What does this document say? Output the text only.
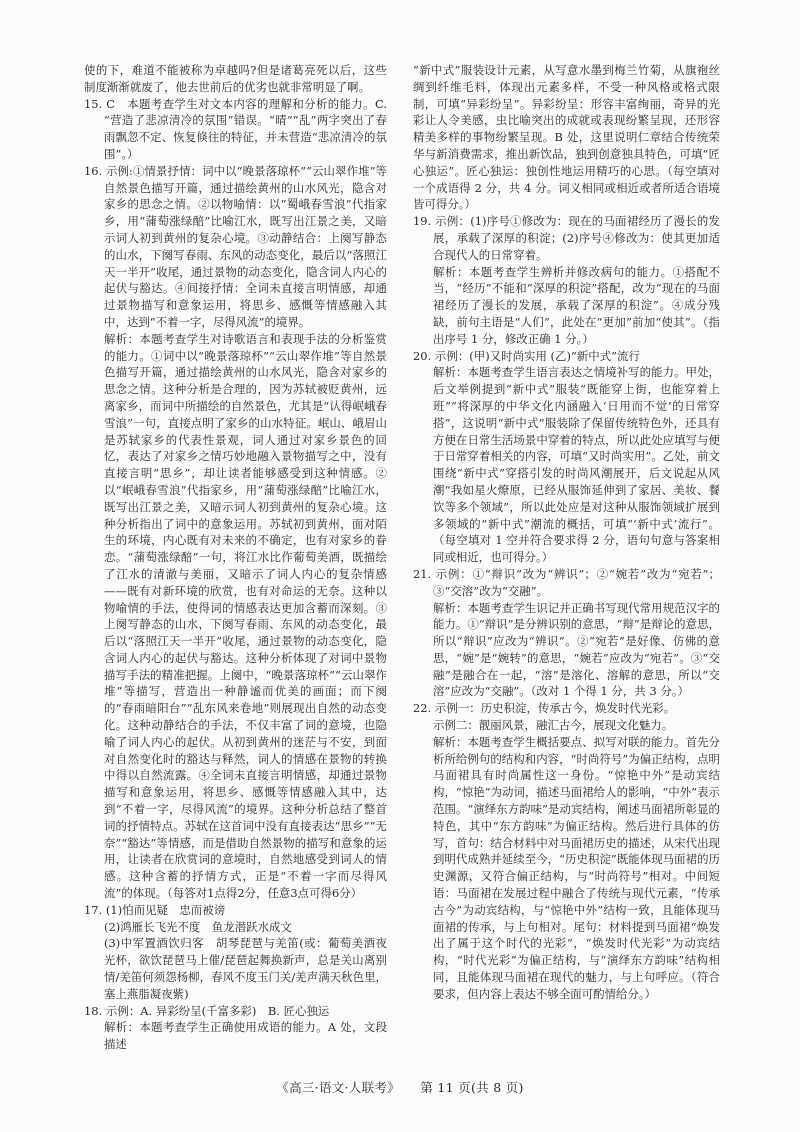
使的下，难道不能被称为卓越吗?但是诸葛亮死以后，这些制度渐渐就废了，他去世前后的优劣也就非常明显了啊。

15. C　本题考查学生对文本内容的理解和分析的能力。C. “营造了悲凉清冷的氛围”错误。“晴”“乱”两字突出了春雨飘忽不定、恢复倏往的特征，并未营造“悲凉清冷的氛围”。）

16. 示例:①情景抒情：词中以“晚景落琼杯”“云山翠作堆”等自然景色描写开篇，通过描绘黄州的山水风光，隐含对家乡的思念之情。②以物喻情：以“蜀峨春雪浪”代指家乡，用“蒲萄涨绿醅”比喻江水，既写出江景之美，又暗示词人初到黄州的复杂心境。③动静结合：上阕写静态的山水，下阕写春雨、东风的动态变化，最后以“落照江天一半开”收尾，通过景物的动态变化，隐含词人内心的起伏与豁达。④间接抒情：全词未直接言明情感，却通过景物描写和意象运用，将思乡、感慨等情感融入其中，达到“不着一字，尽得风流”的境界。

解析：本题考查学生对诗歌语言和表现手法的分析鉴赏的能力。①词中以“晚景落琼杯”“云山翠作堆”等自然景色描写开篇，通过描绘黄州的山水风光，隐含对家乡的思念之情。这种分析是合理的，因为苏轼被贬黄州，远离家乡，而词中所描绘的自然景色，尤其是“认得岷峨春雪浪”一句，直接点明了家乡的山水特征。岷山、峨眉山是苏轼家乡的代表性景观，词人通过对家乡景色的回忆，表达了对家乡之情巧妙地融入景物描写之中，没有直接言明“思乡”，却让读者能够感受到这种情感。②以“岷峨春雪浪”代指家乡，用“蒲萄涨绿醅”比喻江水，既写出江景之美，又暗示词人初到黄州的复杂心境。这种分析指出了词中的意象运用。苏轼初到黄州，面对陌生的环境，内心既有对未来的不确定，也有对家乡的眷恋。“蒲萄涨绿醅”一句，将江水比作葡萄美酒，既描绘了江水的清澈与美丽，又暗示了词人内心的复杂情感——既有对新环境的欣赏，也有对命运的无奈。这种以物喻情的手法，使得词的情感表达更加含蓄而深刻。③上阕写静态的山水，下阕写春雨、东风的动态变化，最后以“落照江天一半开”收尾，通过景物的动态变化，隐含词人内心的起伏与豁达。这种分析体现了对词中景物描写手法的精准把握。上阕中，“晚景落琼杯”“云山翠作堆”等描写，营造出一种静谧而优美的画面；而下阕的“春雨暗阳台”“乱东风来卷地”则展现出自然的动态变化。这种动静结合的手法，不仅丰富了词的意境，也隐喻了词人内心的起伏。从初到黄州的迷茫与不安，到面对自然变化时的豁达与释然，词人的情感在景物的转换中得以自然流露。④全词未直接言明情感，却通过景物描写和意象运用，将思乡、感慨等情感融入其中，达到“不着一字，尽得风流”的境界。这种分析总结了整首词的抒情特点。苏轼在这首词中没有直接表达“思乡”“无奈”“豁达”等情感，而是借助自然景物的描写和意象的运用，让读者在欣赏词的意境时，自然地感受到词人的情感。这种含蓄的抒情方式，正是“不着一字而尽得风流”的体现。（每答对1点得2分，任意3点可得6分）

17. (1)怕而见疑　忠而被谤

(2)鸿雁长飞光不度　鱼龙潜跃水成文

(3)中军置酒饮归客　胡琴琵琶与羌笛(或：葡萄美酒夜光杯，欲饮琵琶马上催/琵琶起舞换新声，总是关山离别情/羌笛何须怨杨柳，春风不度玉门关/羌声满天秋色里，塞上燕脂凝夜紫)

18. 示例：A. 异彩纷呈(千富多彩)　B. 匠心独运

解析：本题考查学生正确使用成语的能力。A 处，文段描述

“新中式”服装设计元素，从写意水墨到梅兰竹菊，从旗袍丝绸到纤维毛料，体现出元素多样，不受一种风格或格式限制，可填“异彩纷呈”。异彩纷呈：形容丰富绚丽，奇异的光彩让人令美感，虫比喻突出的成就或表现纷繁呈现，还形容精美多样的事物纷繁呈现。B 处，这里说明仁章结合传统荣华与新消费需求，推出新饮品，独到创意独具特色，可填“匠心独运”。匠心独运：独创性地运用精巧的心思。（每空填对一个成语得 2 分，共 4 分。词义相同或相近或者所适合语境皆可得分。）

19. 示例：(1)序号①修改为：现在的马面裙经历了漫长的发展，承载了深厚的积淀；(2)序号④修改为：使其更加适合现代人的日常穿着。

解析：本题考查学生辨析并修改病句的能力。①搭配不当，“经历”不能和“深厚的积淀”搭配，改为“现在的马面裙经历了漫长的发展，承载了深厚的积淀”。④成分残缺，前句主语是“人们”，此处在“更加”前加“使其”。（指出序号 1 分，修改正确 1 分。）

20. 示例：(甲)又时尚实用 (乙)“新中式”流行

解析：本题考查学生语言表达之情境补写的能力。甲处，后文举例提到“新中式”服装“既能穿上街，也能穿着上班”“将深厚的中华文化内涵融入‘日用而不觉’的日常穿搭”，这说明“新中式”服装除了保留传统特色外，还具有方便在日常生活场景中穿着的特点，所以此处应填写与便于日常穿着相关的内容，可填“又时尚实用”。乙处，前文围绕“新中式”穿搭引发的时尚风潮展开，后文说起从风潮“我如星火燎原，已经从服饰延伸到了家居、美妆、餐饮等多个领域”，所以此处应是对这种从服饰领域扩展到多领域的“新中式”潮流的概括，可填“‘新中式’流行”。（每空填对 1 空并符合要求得 2 分，语句句意与答案相同或相近，也可得分。）

21. 示例：①“辩识”改为“辨识”；②“婉若”改为“宛若”；③“交溶”改为“交融”。

解析：本题考查学生识记并正确书写现代常用规范汉字的能力。①“辩识”是分辨识别的意思，“辩”是辩论的意思，所以“辩识”应改为“辨识”。②“宛若”是好像、仿佛的意思，“婉”是“婉转”的意思，“婉若”应改为“宛若”。③“交融”是融合在一起，“溶”是溶化、溶解的意思，所以“交溶”应改为“交融”。（改对 1 个得 1 分，共 3 分。）

22. 示例一：历史积淀，传承古今，焕发时代光彩。

示例二：靓丽风景，融汇古今，展现文化魅力。

解析：本题考查学生概括要点、拟写对联的能力。首先分析所给例句的结构和内容，“时尚符号”为偏正结构，点明马面裙具有时尚属性这一身份。“惊艳中外”是动宾结构，“惊艳”为动词，描述马面裙给人的影响，“中外”表示范围。“演绎东方韵味”是动宾结构，阐述马面裙所彰显的特色，其中“东方韵味”为偏正结构。然后进行具体的仿写，首句：结合材料中对马面裙历史的描述，从宋代出现到明代成熟并延续至今，“历史积淀”既能体现马面裙的历史渊源，又符合偏正结构，与“时尚符号”相对。中间短语：马面裙在发展过程中融合了传统与现代元素，“传承古今”为动宾结构，与“惊艳中外”结构一致，且能体现马面裙的传承，与上句相对。尾句：材料提到马面裙“焕发出了属于这个时代的光彩”，“焕发时代光彩”为动宾结构，“时代光彩”为偏正结构，与“演绎东方韵味”结构相同，且能体现马面裙在现代的魅力，与上句呼应。（符合要求，但内容上表达不够全面可酌情给分。）

《高三·语文·人联考》 第 11 页(共 8 页)
